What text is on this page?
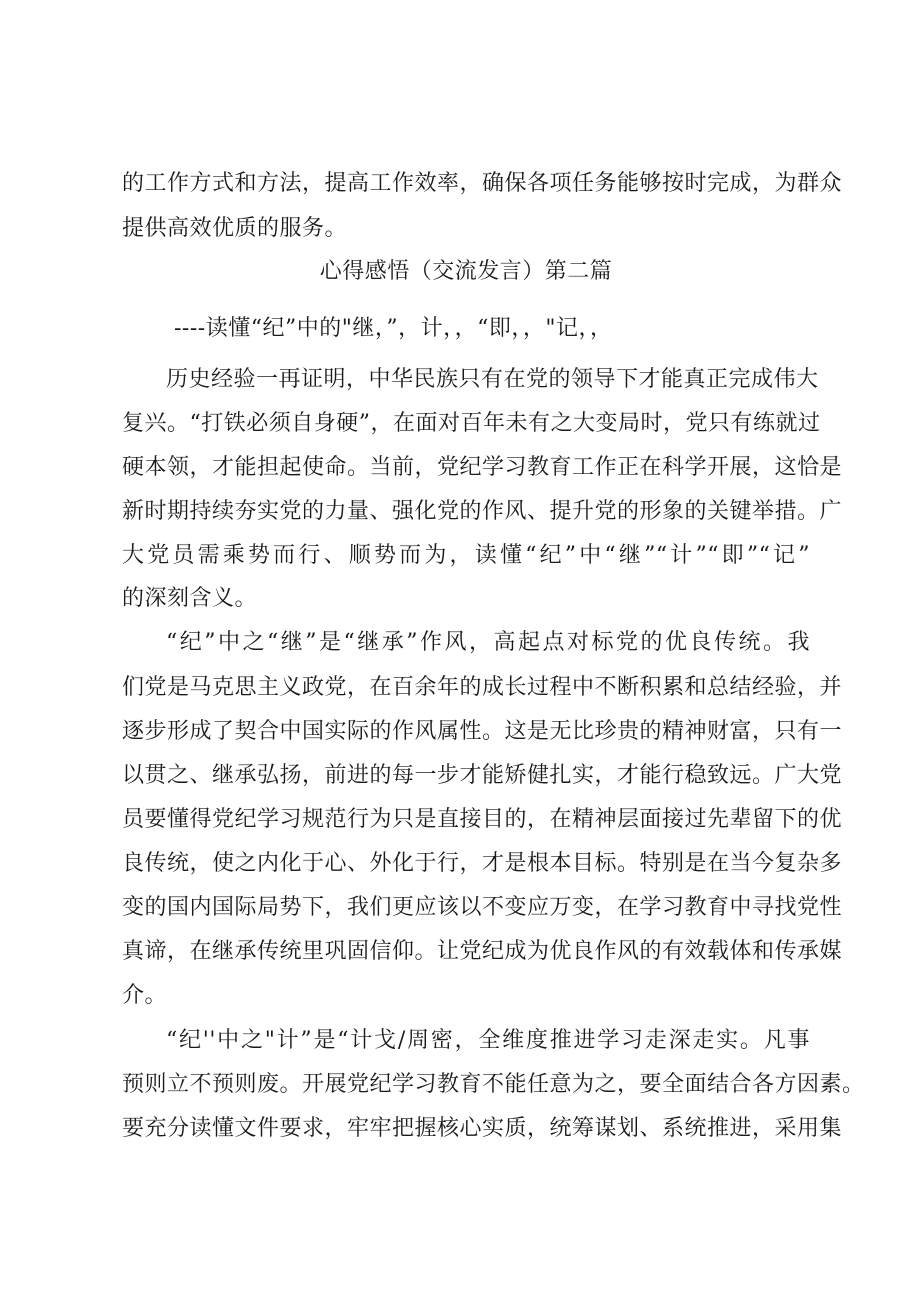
的工作方式和方法，提高工作效率，确保各项任务能够按时完成，为群众
提供高效优质的服务。
心得感悟（交流发言）第二篇
----读懂“纪”中的"继，”，计，，“即，，"记，，
历史经验一再证明，中华民族只有在党的领导下才能真正完成伟大
复兴。“打铁必须自身硬”，在面对百年未有之大变局时，党只有练就过
硬本领，才能担起使命。当前，党纪学习教育工作正在科学开展，这恰是
新时期持续夯实党的力量、强化党的作风、提升党的形象的关键举措。广
大党员需乘势而行、顺势而为，读懂“纪”中“继”“计”“即”“记”
的深刻含义。
“纪”中之“继”是“继承”作风，高起点对标党的优良传统。我
们党是马克思主义政党，在百余年的成长过程中不断积累和总结经验，并
逐步形成了契合中国实际的作风属性。这是无比珍贵的精神财富，只有一
以贯之、继承弘扬，前进的每一步才能矫健扎实，才能行稳致远。广大党
员要懂得党纪学习规范行为只是直接目的，在精神层面接过先辈留下的优
良传统，使之内化于心、外化于行，才是根本目标。特别是在当今复杂多
变的国内国际局势下，我们更应该以不变应万变，在学习教育中寻找党性
真谛，在继承传统里巩固信仰。让党纪成为优良作风的有效载体和传承媒
介。
“纪''中之"计”是“计戈/周密，全维度推进学习走深走实。凡事
预则立不预则废。开展党纪学习教育不能任意为之，要全面结合各方因素。
要充分读懂文件要求，牢牢把握核心实质，统筹谋划、系统推进，采用集
